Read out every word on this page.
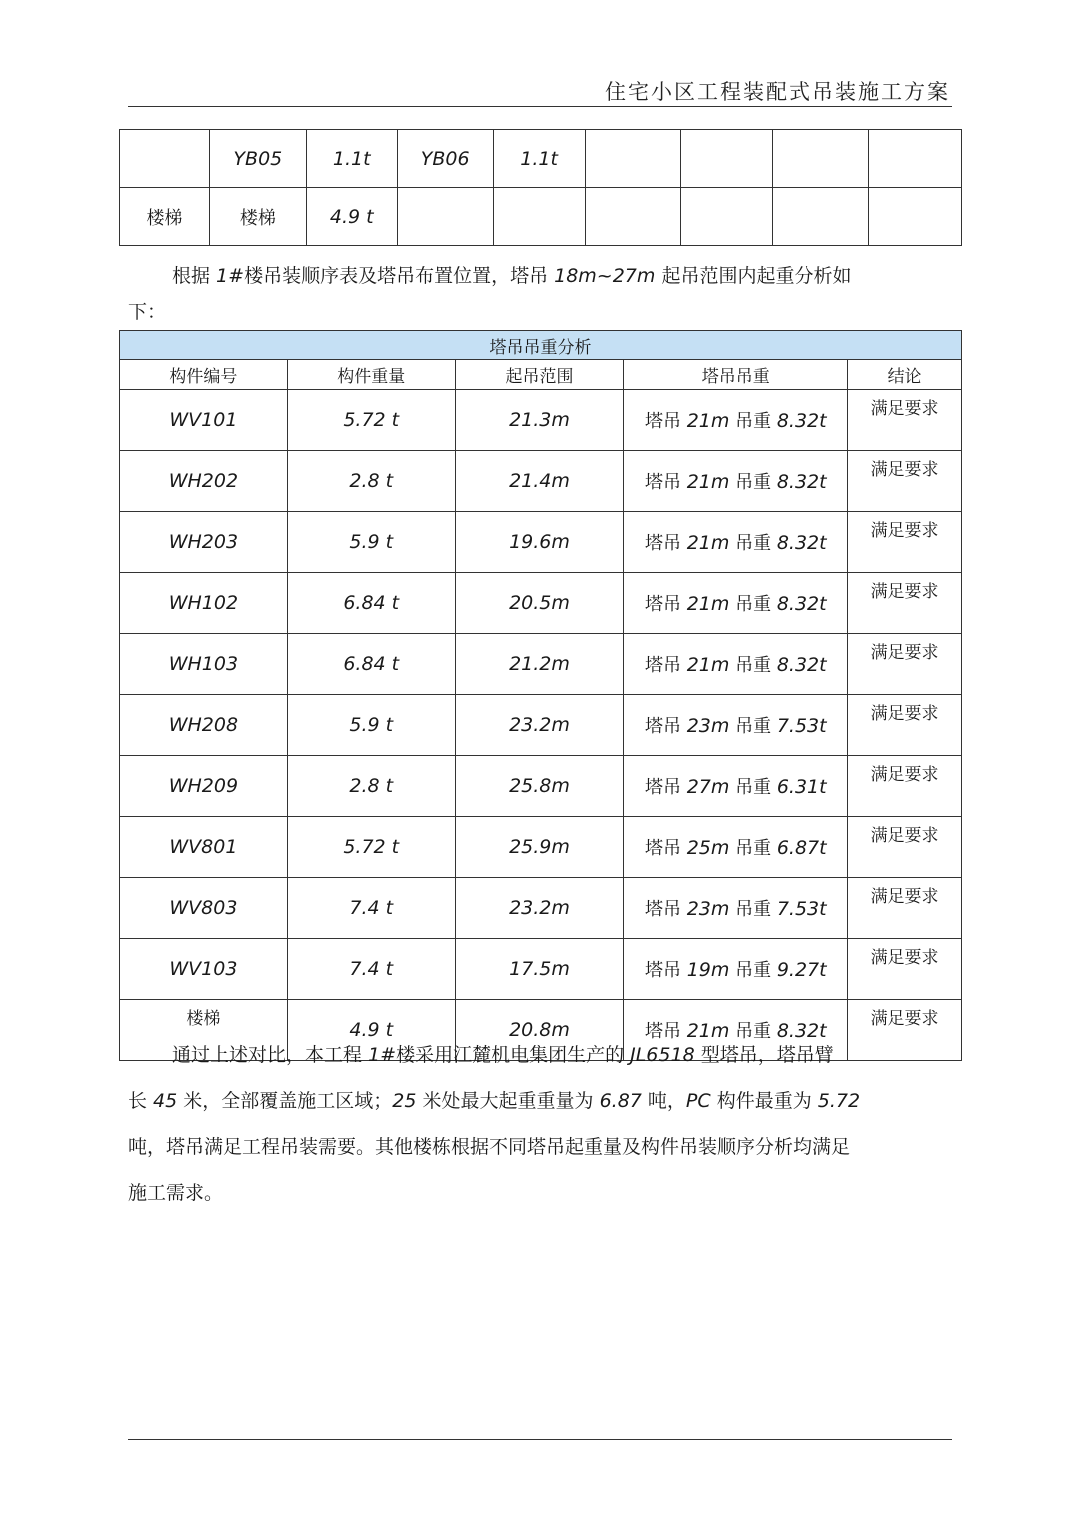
住宅小区工程装配式吊装施工方案
	YB05	1.1t	YB06	1.1t				
楼梯	楼梯	4.9 t						

根据 1#楼吊装顺序表及塔吊布置位置，塔吊 18m~27m 起吊范围内起重分析如
下：

塔吊吊重分析				
构件编号	构件重量	起吊范围	塔吊吊重	结论
WV101	5.72 t	21.3m	塔吊 21m 吊重 8.32t	满足要求
WH202	2.8 t	21.4m	塔吊 21m 吊重 8.32t	满足要求
WH203	5.9 t	19.6m	塔吊 21m 吊重 8.32t	满足要求
WH102	6.84 t	20.5m	塔吊 21m 吊重 8.32t	满足要求
WH103	6.84 t	21.2m	塔吊 21m 吊重 8.32t	满足要求
WH208	5.9 t	23.2m	塔吊 23m 吊重 7.53t	满足要求
WH209	2.8 t	25.8m	塔吊 27m 吊重 6.31t	满足要求
WV801	5.72 t	25.9m	塔吊 25m 吊重 6.87t	满足要求
WV803	7.4 t	23.2m	塔吊 23m 吊重 7.53t	满足要求
WV103	7.4 t	17.5m	塔吊 19m 吊重 9.27t	满足要求
楼梯	4.9 t	20.8m	塔吊 21m 吊重 8.32t	满足要求
通过上述对比，本工程 1#楼采用江麓机电集团生产的 JL6518 型塔吊，塔吊臂
长 45 米，全部覆盖施工区域；25 米处最大起重重量为 6.87 吨，PC 构件最重为 5.72
吨，塔吊满足工程吊装需要。其他楼栋根据不同塔吊起重量及构件吊装顺序分析均满足
施工需求。
